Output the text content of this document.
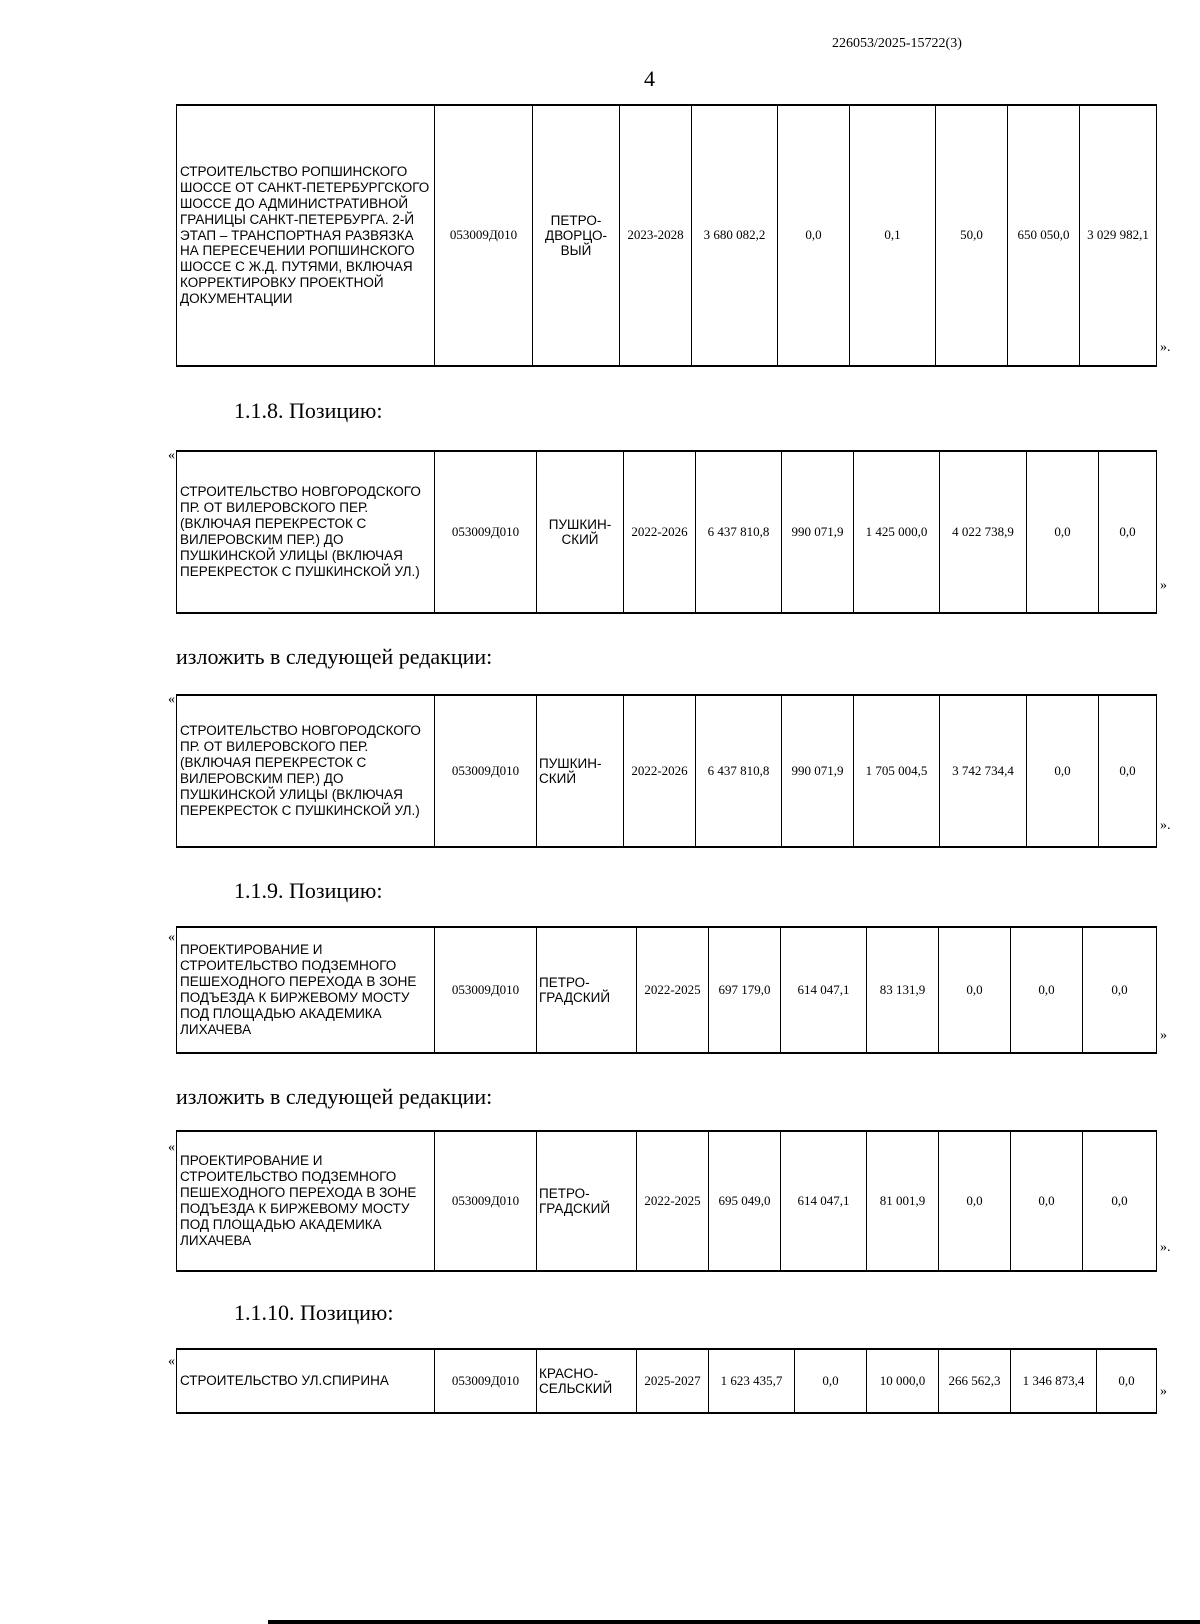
226053/2025-15722(3)
4
СТРОИТЕЛЬСТВО РОПШИНСКОГО ШОССЕ ОТ САНКТ-ПЕТЕРБУРГСКОГО ШОССЕ ДО АДМИНИСТРАТИВНОЙ ГРАНИЦЫ САНКТ-ПЕТЕРБУРГА. 2-Й ЭТАП – ТРАНСПОРТНАЯ РАЗВЯЗКА НА ПЕРЕСЕЧЕНИИ РОПШИНСКОГО ШОССЕ С Ж.Д. ПУТЯМИ, ВКЛЮЧАЯ КОРРЕКТИРОВКУ ПРОЕКТНОЙ ДОКУМЕНТАЦИИ	053009Д010	ПЕТРО-ДВОРЦО-ВЫЙ	2023-2028	3 680 082,2	0,0	0,1	50,0	650 050,0	3 029 982,1
».
1.1.8. Позицию:
«
СТРОИТЕЛЬСТВО НОВГОРОДСКОГО ПР. ОТ ВИЛЕРОВСКОГО ПЕР. (ВКЛЮЧАЯ ПЕРЕКРЕСТОК С ВИЛЕРОВСКИМ ПЕР.) ДО ПУШКИНСКОЙ УЛИЦЫ (ВКЛЮЧАЯ ПЕРЕКРЕСТОК С ПУШКИНСКОЙ УЛ.)	053009Д010	ПУШКИН-СКИЙ	2022-2026	6 437 810,8	990 071,9	1 425 000,0	4 022 738,9	0,0	0,0
»
изложить в следующей редакции:
«
СТРОИТЕЛЬСТВО НОВГОРОДСКОГО ПР. ОТ ВИЛЕРОВСКОГО ПЕР. (ВКЛЮЧАЯ ПЕРЕКРЕСТОК С ВИЛЕРОВСКИМ ПЕР.) ДО ПУШКИНСКОЙ УЛИЦЫ (ВКЛЮЧАЯ ПЕРЕКРЕСТОК С ПУШКИНСКОЙ УЛ.)	053009Д010	ПУШКИН-СКИЙ	2022-2026	6 437 810,8	990 071,9	1 705 004,5	3 742 734,4	0,0	0,0
».
1.1.9. Позицию:
«
ПРОЕКТИРОВАНИЕ И СТРОИТЕЛЬСТВО ПОДЗЕМНОГО ПЕШЕХОДНОГО ПЕРЕХОДА В ЗОНЕ ПОДЪЕЗДА К БИРЖЕВОМУ МОСТУ ПОД ПЛОЩАДЬЮ АКАДЕМИКА ЛИХАЧЕВА	053009Д010	ПЕТРО-ГРАДСКИЙ	2022-2025	697 179,0	614 047,1	83 131,9	0,0	0,0	0,0
»
изложить в следующей редакции:
«
ПРОЕКТИРОВАНИЕ И СТРОИТЕЛЬСТВО ПОДЗЕМНОГО ПЕШЕХОДНОГО ПЕРЕХОДА В ЗОНЕ ПОДЪЕЗДА К БИРЖЕВОМУ МОСТУ ПОД ПЛОЩАДЬЮ АКАДЕМИКА ЛИХАЧЕВА	053009Д010	ПЕТРО-ГРАДСКИЙ	2022-2025	695 049,0	614 047,1	81 001,9	0,0	0,0	0,0
».
1.1.10. Позицию:
«
СТРОИТЕЛЬСТВО УЛ.СПИРИНА	053009Д010	КРАСНО-СЕЛЬСКИЙ	2025-2027	1 623 435,7	0,0	10 000,0	266 562,3	1 346 873,4	0,0
»
